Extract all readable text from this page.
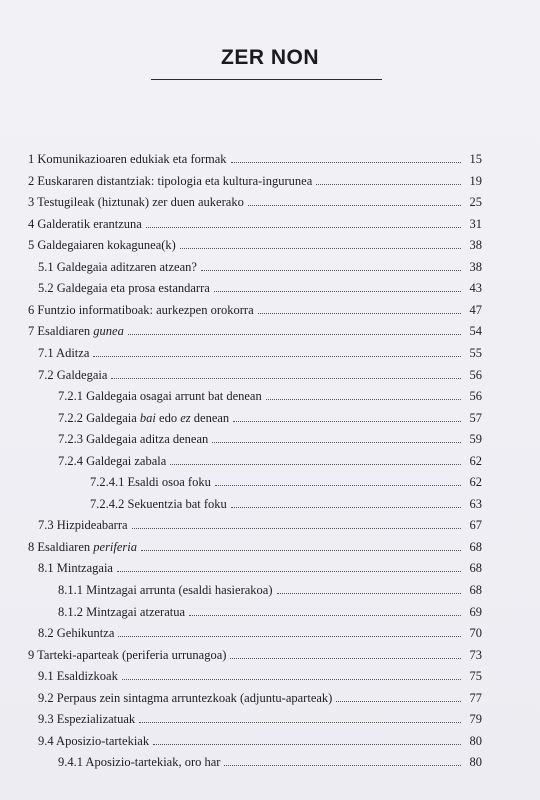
ZER NON
1 Komunikazioaren edukiak eta formak	15
2 Euskararen distantziak: tipologia eta kultura-ingurunea	19
3 Testugileak (hiztunak) zer duen aukerako	25
4 Galderatik erantzuna	31
5 Galdegaiaren kokagunea(k)	38
5.1 Galdegaia aditzaren atzean?	38
5.2 Galdegaia eta prosa estandarra	43
6 Funtzio informatiboak: aurkezpen orokorra	47
7 Esaldiaren gunea	54
7.1 Aditza	55
7.2 Galdegaia	56
7.2.1 Galdegaia osagai arrunt bat denean	56
7.2.2 Galdegaia bai edo ez denean	57
7.2.3 Galdegaia aditza denean	59
7.2.4 Galdegai zabala	62
7.2.4.1 Esaldi osoa foku	62
7.2.4.2 Sekuentzia bat foku	63
7.3 Hizpideabarra	67
8 Esaldiaren periferia	68
8.1 Mintzagaia	68
8.1.1 Mintzagai arrunta (esaldi hasierakoa)	68
8.1.2 Mintzagai atzeratua	69
8.2 Gehikuntza	70
9 Tarteki-aparteak (periferia urrunagoa)	73
9.1 Esaldizkoak	75
9.2 Perpaus zein sintagma arruntezkoak (adjuntu-aparteak)	77
9.3 Espezializatuak	79
9.4 Aposizio-tartekiak	80
9.4.1 Aposizio-tartekiak, oro har	80
